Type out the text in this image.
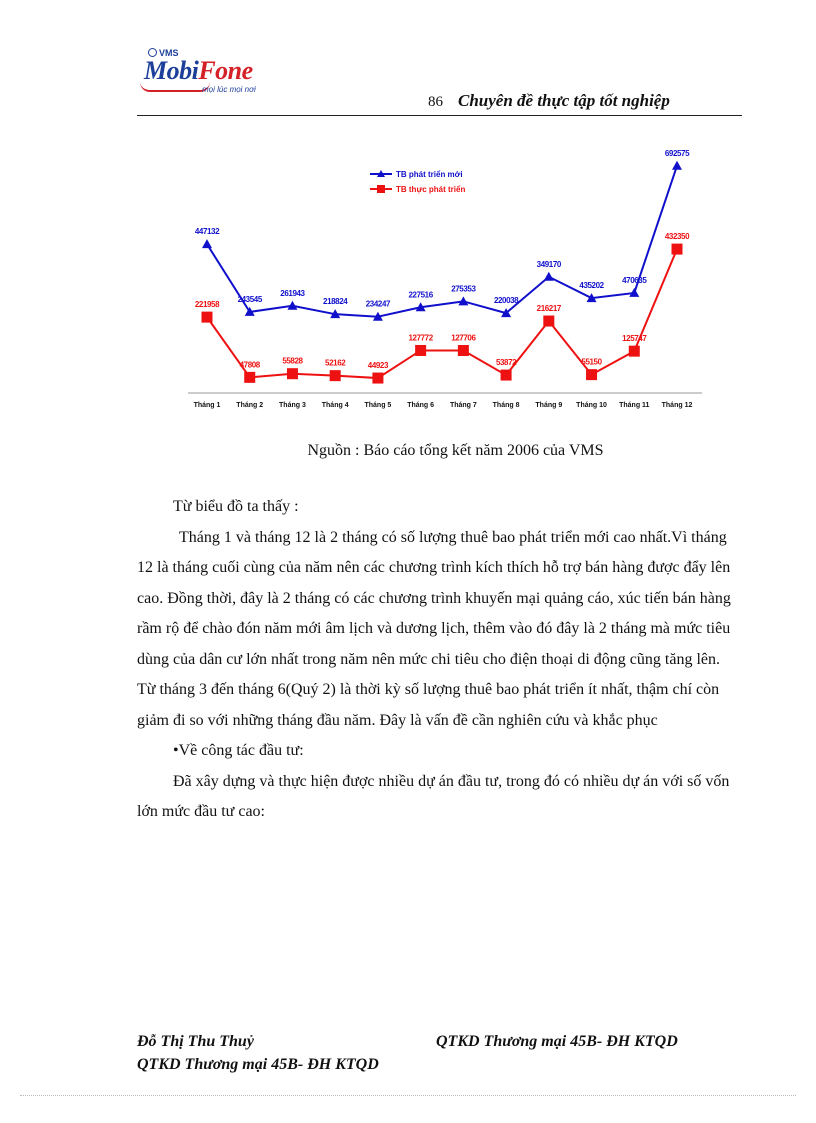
VMS
MobiFone
mọi lúc mọi nơi
86 Chuyên đề thực tập tốt nghiệp
TB phát triển mới
TB thực phát triển
Tháng 1 Tháng 2 Tháng 3 Tháng 4 Tháng 5 Tháng 6 Tháng 7 Tháng 8 Tháng 9 Tháng 10 Tháng 11 Tháng 12
447132
243545
261943
218824 234247
227516
275353
220038
349170
435202
470635
692575
221958
47808	55828	52162	44923
127772 127706
53872
216217
55150
125747
432350
Nguồn : Báo cáo tổng kết năm 2006 của VMS

Từ biểu đồ ta thấy :

Tháng 1 và tháng 12 là 2 tháng có số lượng thuê bao phát triển mới cao nhất.Vì tháng 12 là tháng cuối cùng của năm nên các chương trình kích thích hỗ trợ bán hàng được đẩy lên cao. Đồng thời, đây là 2 tháng có các chương trình khuyến mại quảng cáo, xúc tiến bán hàng rầm rộ để chào đón năm mới âm lịch và dương lịch, thêm vào đó đây là 2 tháng mà mức tiêu dùng của dân cư lớn nhất trong năm nên mức chi tiêu cho điện thoại di động cũng tăng lên. Từ tháng 3 đến tháng 6(Quý 2) là thời kỳ số lượng thuê bao phát triển ít nhất, thậm chí còn giảm đi so với những tháng đầu năm. Đây là vấn đề cần nghiên cứu và khắc phục

•Về công tác đầu tư:

Đã xây dựng và thực hiện được nhiều dự án đầu tư, trong đó có nhiều dự án với số vốn lớn mức đầu tư cao:

Đỗ Thị Thu Thuỷ	QTKD Thương mại 45B- ĐH KTQD
QTKD Thương mại 45B- ĐH KTQD
